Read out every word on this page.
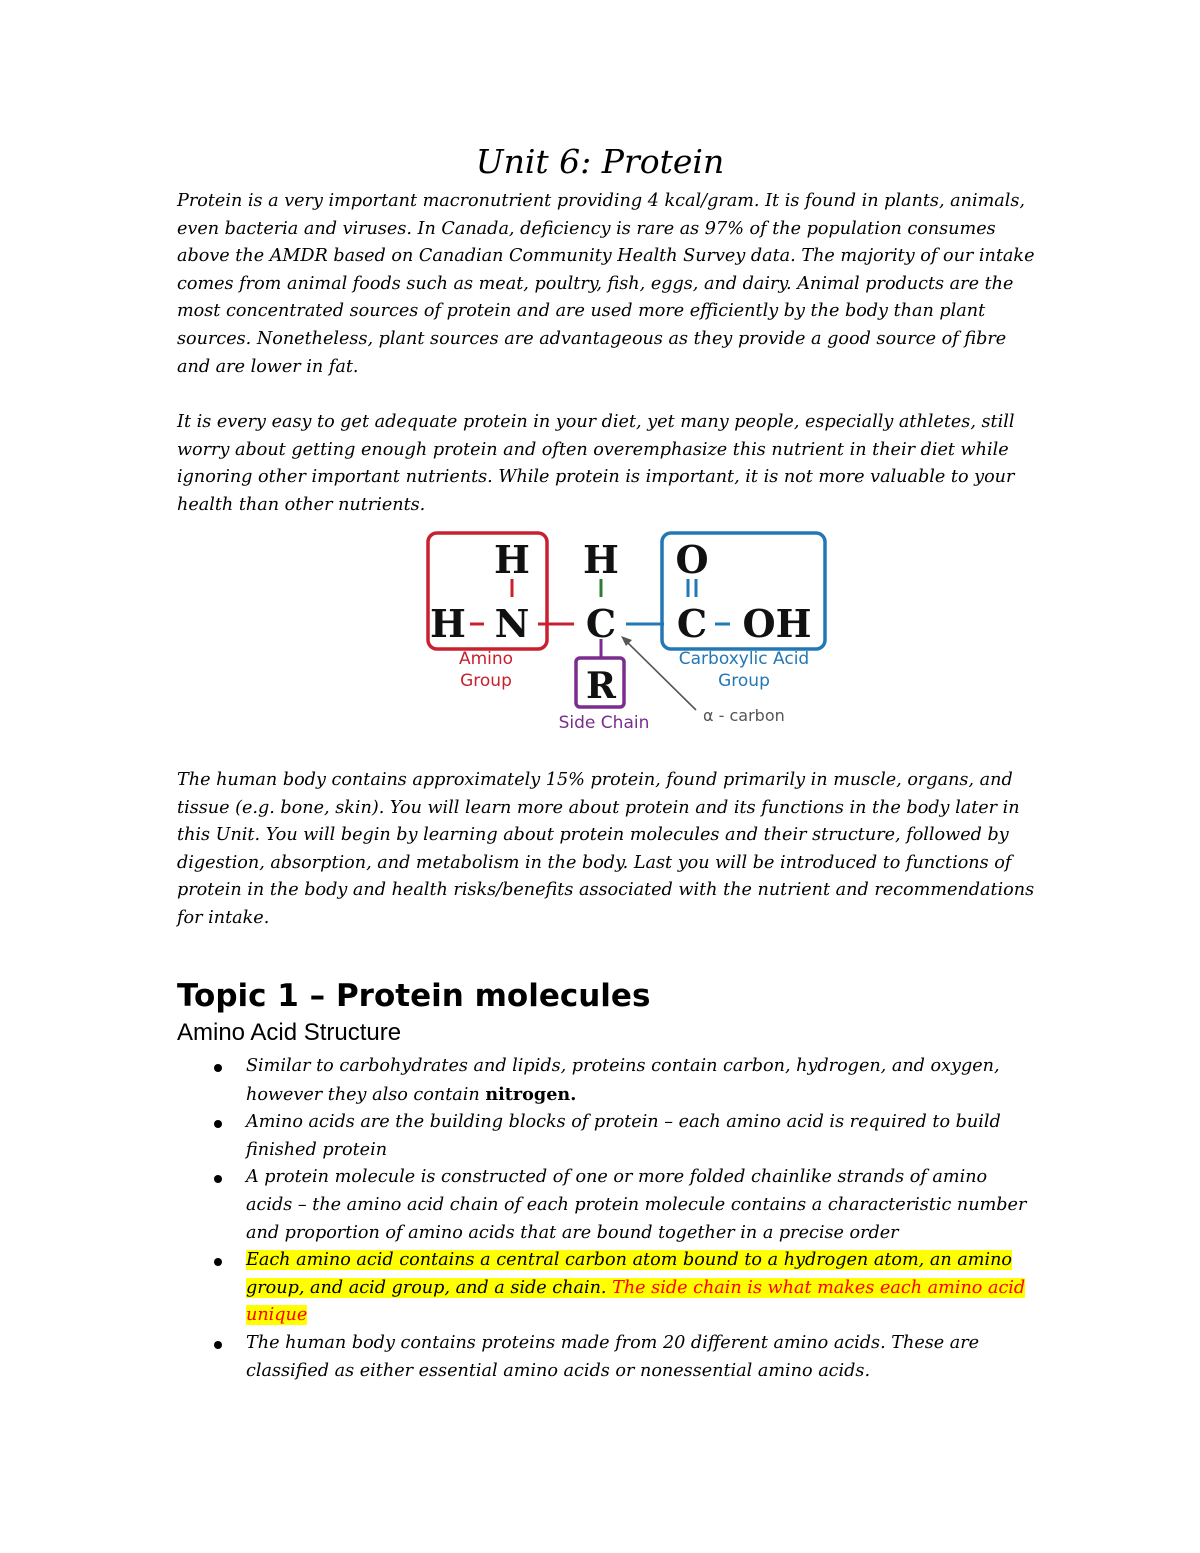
Unit 6: Protein

Protein is a very important macronutrient providing 4 kcal/gram. It is found in plants, animals, even bacteria and viruses. In Canada, deficiency is rare as 97% of the population consumes above the AMDR based on Canadian Community Health Survey data. The majority of our intake comes from animal foods such as meat, poultry, fish, eggs, and dairy. Animal products are the most concentrated sources of protein and are used more efficiently by the body than plant sources. Nonetheless, plant sources are advantageous as they provide a good source of fibre and are lower in fat.

It is every easy to get adequate protein in your diet, yet many people, especially athletes, still worry about getting enough protein and often overemphasize this nutrient in their diet while ignoring other important nutrients. While protein is important, it is not more valuable to your health than other nutrients.

H H O
H N C C OH
R
Amino
Group
Carboxylic Acid
Group
Side Chain	α - carbon

The human body contains approximately 15% protein, found primarily in muscle, organs, and tissue (e.g. bone, skin). You will learn more about protein and its functions in the body later in this Unit. You will begin by learning about protein molecules and their structure, followed by digestion, absorption, and metabolism in the body. Last you will be introduced to functions of protein in the body and health risks/benefits associated with the nutrient and recommendations for intake.

Topic 1 – Protein molecules
Amino Acid Structure
Similar to carbohydrates and lipids, proteins contain carbon, hydrogen, and oxygen, however they also contain nitrogen.
Amino acids are the building blocks of protein – each amino acid is required to build finished protein
A protein molecule is constructed of one or more folded chainlike strands of amino acids – the amino acid chain of each protein molecule contains a characteristic number and proportion of amino acids that are bound together in a precise order
Each amino acid contains a central carbon atom bound to a hydrogen atom, an amino group, and acid group, and a side chain. The side chain is what makes each amino acid unique
The human body contains proteins made from 20 different amino acids. These are classified as either essential amino acids or nonessential amino acids.
